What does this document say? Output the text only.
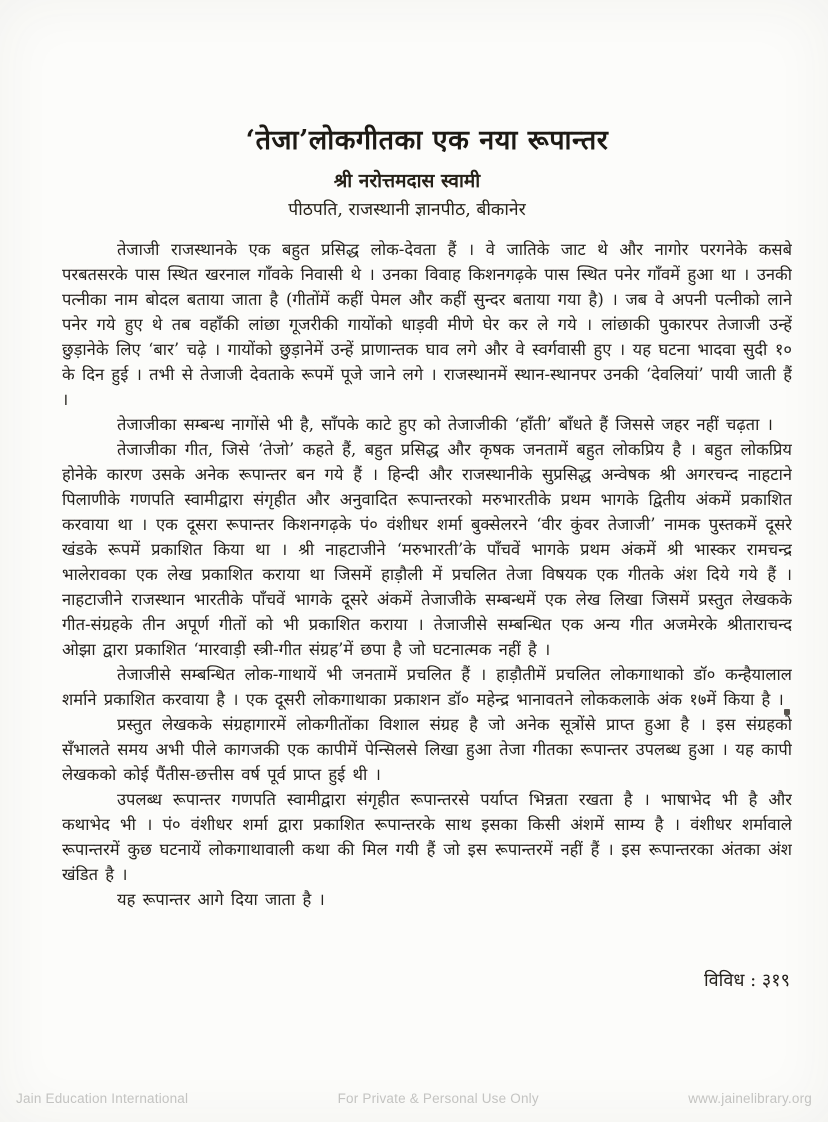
‘तेजा’लोकगीतका एक नया रूपान्तर
श्री नरोत्तमदास स्वामी
पीठपति, राजस्थानी ज्ञानपीठ, बीकानेर

तेजाजी राजस्थानके एक बहुत प्रसिद्ध लोक-देवता हैं । वे जातिके जाट थे और नागोर परगनेके कसबे परबतसरके पास स्थित खरनाल गाँवके निवासी थे । उनका विवाह किशनगढ़के पास स्थित पनेर गाँवमें हुआ था । उनकी पत्नीका नाम बोदल बताया जाता है (गीतोंमें कहीं पेमल और कहीं सुन्दर बताया गया है) । जब वे अपनी पत्नीको लाने पनेर गये हुए थे तब वहाँकी लांछा गूजरीकी गायोंको धाड़वी मीणे घेर कर ले गये । लांछाकी पुकारपर तेजाजी उन्हें छुड़ानेके लिए ‘बार’ चढ़े । गायोंको छुड़ानेमें उन्हें प्राणान्तक घाव लगे और वे स्वर्गवासी हुए । यह घटना भादवा सुदी १० के दिन हुई । तभी से तेजाजी देवताके रूपमें पूजे जाने लगे । राजस्थानमें स्थान-स्थानपर उनकी ‘देवलियां’ पायी जाती हैं ।

तेजाजीका सम्बन्ध नागोंसे भी है, साँपके काटे हुए को तेजाजीकी ‘हाँती’ बाँधते हैं जिससे जहर नहीं चढ़ता ।

तेजाजीका गीत, जिसे ‘तेजो’ कहते हैं, बहुत प्रसिद्ध और कृषक जनतामें बहुत लोकप्रिय है । बहुत लोकप्रिय होनेके कारण उसके अनेक रूपान्तर बन गये हैं । हिन्दी और राजस्थानीके सुप्रसिद्ध अन्वेषक श्री अगरचन्द नाहटाने पिलाणीके गणपति स्वामीद्वारा संगृहीत और अनुवादित रूपान्तरको मरुभारतीके प्रथम भागके द्वितीय अंकमें प्रकाशित करवाया था । एक दूसरा रूपान्तर किशनगढ़के पं० वंशीधर शर्मा बुक्सेलरने ‘वीर कुंवर तेजाजी’ नामक पुस्तकमें दूसरे खंडके रूपमें प्रकाशित किया था । श्री नाहटाजीने ‘मरुभारती’के पाँचवें भागके प्रथम अंकमें श्री भास्कर रामचन्द्र भालेरावका एक लेख प्रकाशित कराया था जिसमें हाड़ौली में प्रचलित तेजा विषयक एक गीतके अंश दिये गये हैं । नाहटाजीने राजस्थान भारतीके पाँचवें भागके दूसरे अंकमें तेजाजीके सम्बन्धमें एक लेख लिखा जिसमें प्रस्तुत लेखकके गीत-संग्रहके तीन अपूर्ण गीतों को भी प्रकाशित कराया । तेजाजीसे सम्बन्धित एक अन्य गीत अजमेरके श्रीताराचन्द ओझा द्वारा प्रकाशित ‘मारवाड़ी स्त्री-गीत संग्रह’में छपा है जो घटनात्मक नहीं है ।

तेजाजीसे सम्बन्धित लोक-गाथायें भी जनतामें प्रचलित हैं । हाड़ौतीमें प्रचलित लोकगाथाको डॉ० कन्हैयालाल शर्माने प्रकाशित करवाया है । एक दूसरी लोकगाथाका प्रकाशन डॉ० महेन्द्र भानावतने लोककलाके अंक १७में किया है ।

प्रस्तुत लेखकके संग्रहागारमें लोकगीतोंका विशाल संग्रह है जो अनेक सूत्रोंसे प्राप्त हुआ है । इस संग्रहको सँभालते समय अभी पीले कागजकी एक कापीमें पेन्सिलसे लिखा हुआ तेजा गीतका रूपान्तर उपलब्ध हुआ । यह कापी लेखकको कोई पैंतीस-छत्तीस वर्ष पूर्व प्राप्त हुई थी ।

उपलब्ध रूपान्तर गणपति स्वामीद्वारा संगृहीत रूपान्तरसे पर्याप्त भिन्नता रखता है । भाषाभेद भी है और कथाभेद भी । पं० वंशीधर शर्मा द्वारा प्रकाशित रूपान्तरके साथ इसका किसी अंशमें साम्य है । वंशीधर शर्मावाले रूपान्तरमें कुछ घटनायें लोकगाथावाली कथा की मिल गयी हैं जो इस रूपान्तरमें नहीं हैं । इस रूपान्तरका अंतका अंश खंडित है ।

यह रूपान्तर आगे दिया जाता है ।

विविध : ३१९
Jain Education International	For Private & Personal Use Only	www.jainelibrary.org
